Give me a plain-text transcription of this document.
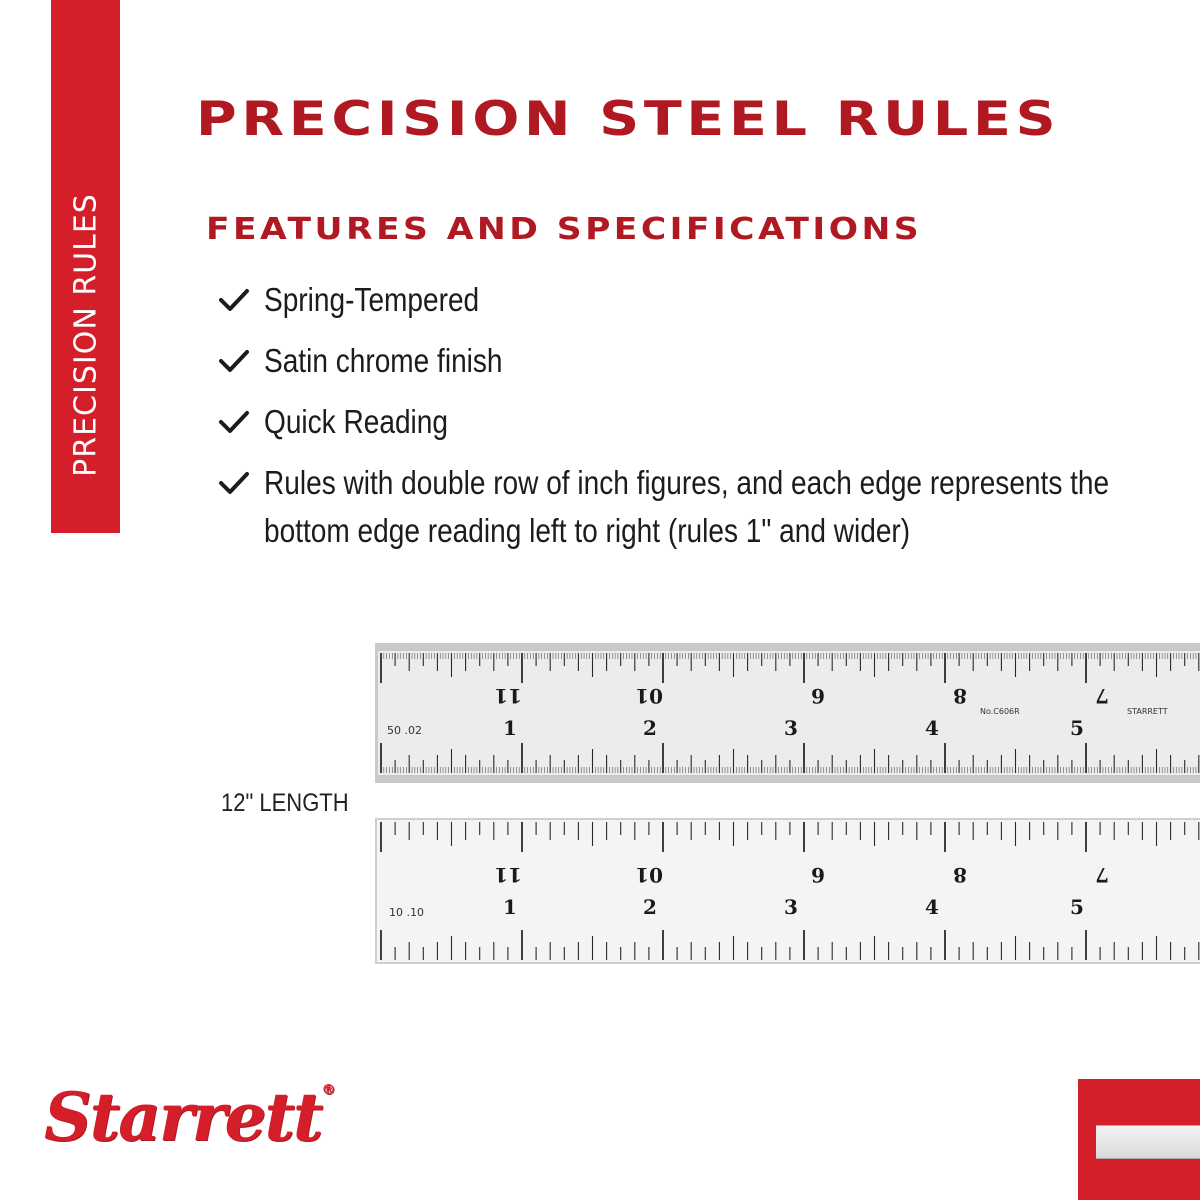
PRECISION RULES
PRECISION STEEL RULES
FEATURES AND SPECIFICATIONS
Spring-Tempered
Satin chrome finish
Quick Reading
Rules with double row of inch figures, and each edge represents the bottom edge reading left to right (rules 1" and wider)
12" LENGTH
11	01	6	8	7
1	2	3	4	5
50 .02
No.C606R	STARRETT
11	01	6	8	7
1	2	3	4	5
10 .10
Starrett®
